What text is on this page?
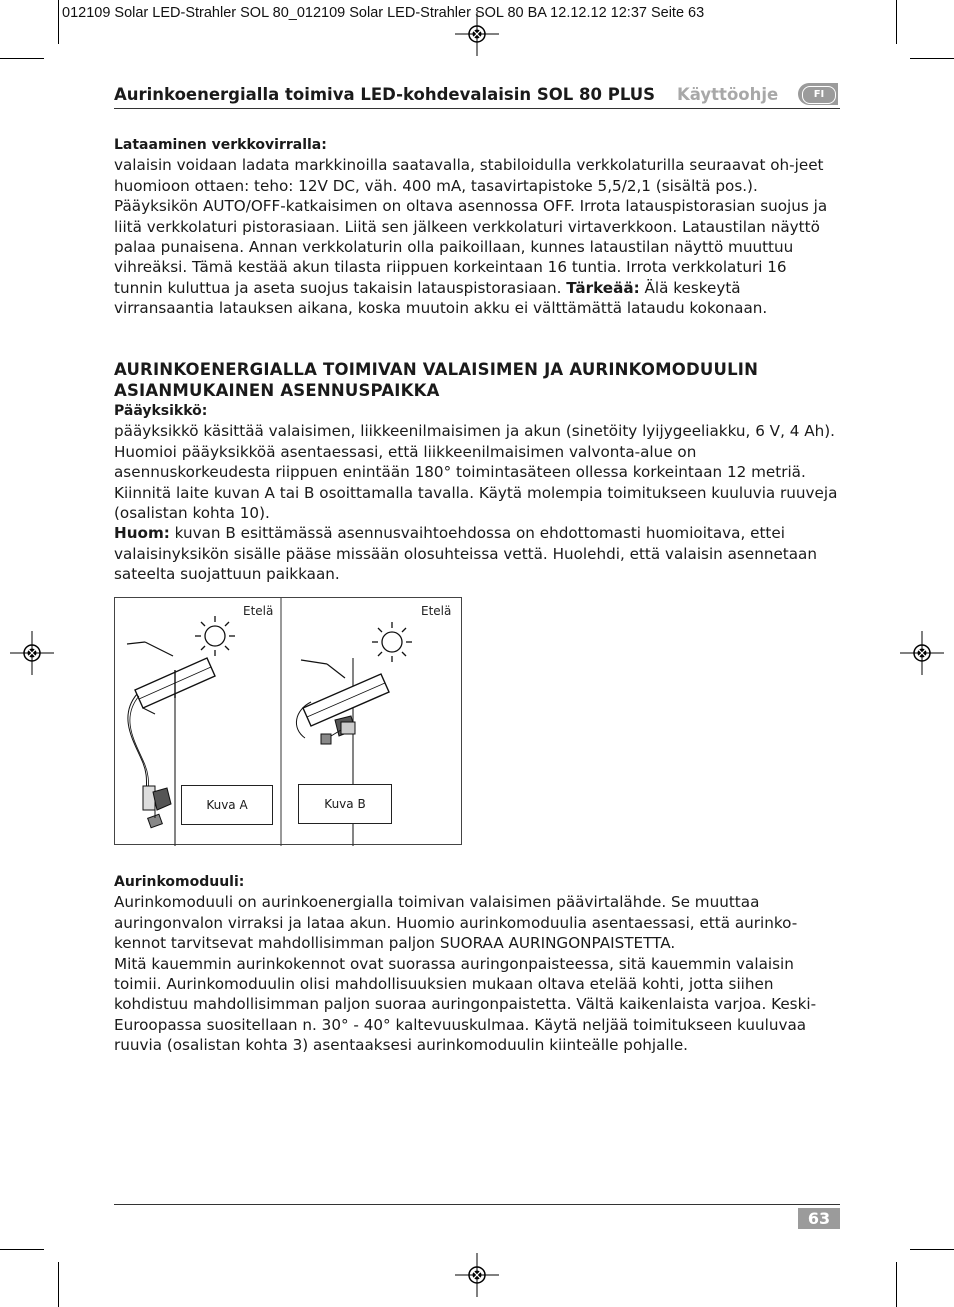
012109 Solar LED-Strahler SOL 80_012109 Solar LED-Strahler SOL 80 BA 12.12.12 12:37 Seite 63
Aurinkoenergialla toimiva LED-kohdevalaisin SOL 80 PLUS Käyttöohje	FI

Lataaminen verkkovirralla:

valaisin voidaan ladata markkinoilla saatavalla, stabiloidulla verkkolaturilla seuraavat oh-jeet huomioon ottaen: teho: 12V DC, väh. 400 mA, tasavirtapistoke 5,5/2,1 (sisältä pos.). Pääyksikön AUTO/OFF-katkaisimen on oltava asennossa OFF. Irrota latauspistorasian suojus ja liitä verkkolaturi pistorasiaan. Liitä sen jälkeen verkkolaturi virtaverkkoon. Lataustilan näyttö palaa punaisena. Annan verkkolaturin olla paikoillaan, kunnes lataustilan näyttö muuttuu vihreäksi. Tämä kestää akun tilasta riippuen korkeintaan 16 tuntia. Irrota verkkolaturi 16 tunnin kuluttua ja aseta suojus takaisin latauspistorasiaan. Tärkeää: Älä keskeytä virransaantia latauksen aikana, koska muutoin akku ei välttämättä lataudu kokonaan.

AURINKOENERGIALLA TOIMIVAN VALAISIMEN JA AURINKOMODUULIN ASIANMUKAINEN ASENNUSPAIKKA

Pääyksikkö:

pääyksikkö käsittää valaisimen, liikkeenilmaisimen ja akun (sinetöity lyijygeeliakku, 6 V, 4 Ah). Huomioi pääyksikköä asentaessasi, että liikkeenilmaisimen valvonta-alue on asennuskorkeudesta riippuen enintään 180° toimintasäteen ollessa korkeintaan 12 metriä. Kiinnitä laite kuvan A tai B osoittamalla tavalla. Käytä molempia toimitukseen kuuluvia ruuveja (osalistan kohta 10).
Huom: kuvan B esittämässä asennusvaihtoehdossa on ehdottomasti huomioitava, ettei valaisinyksikön sisälle pääse missään olosuhteissa vettä. Huolehdi, että valaisin asennetaan sateelta suojattuun paikkaan.

Etelä	Etelä
Kuva A	Kuva B

Aurinkomoduuli:

Aurinkomoduuli on aurinkoenergialla toimivan valaisimen päävirtalähde. Se muuttaa auringonvalon virraksi ja lataa akun. Huomio aurinkomoduulia asentaessasi, että aurinko-kennot tarvitsevat mahdollisimman paljon SUORAA AURINGONPAISTETTA.

Mitä kauemmin aurinkokennot ovat suorassa auringonpaisteessa, sitä kauemmin valaisin toimii. Aurinkomoduulin olisi mahdollisuuksien mukaan oltava etelää kohti, jotta siihen kohdistuu mahdollisimman paljon suoraa auringonpaistetta. Vältä kaikenlaista varjoa. Keski-Euroopassa suositellaan n. 30° - 40° kaltevuuskulmaa. Käytä neljää toimitukseen kuuluvaa ruuvia (osalistan kohta 3) asentaaksesi aurinkomoduulin kiinteälle pohjalle.

63
